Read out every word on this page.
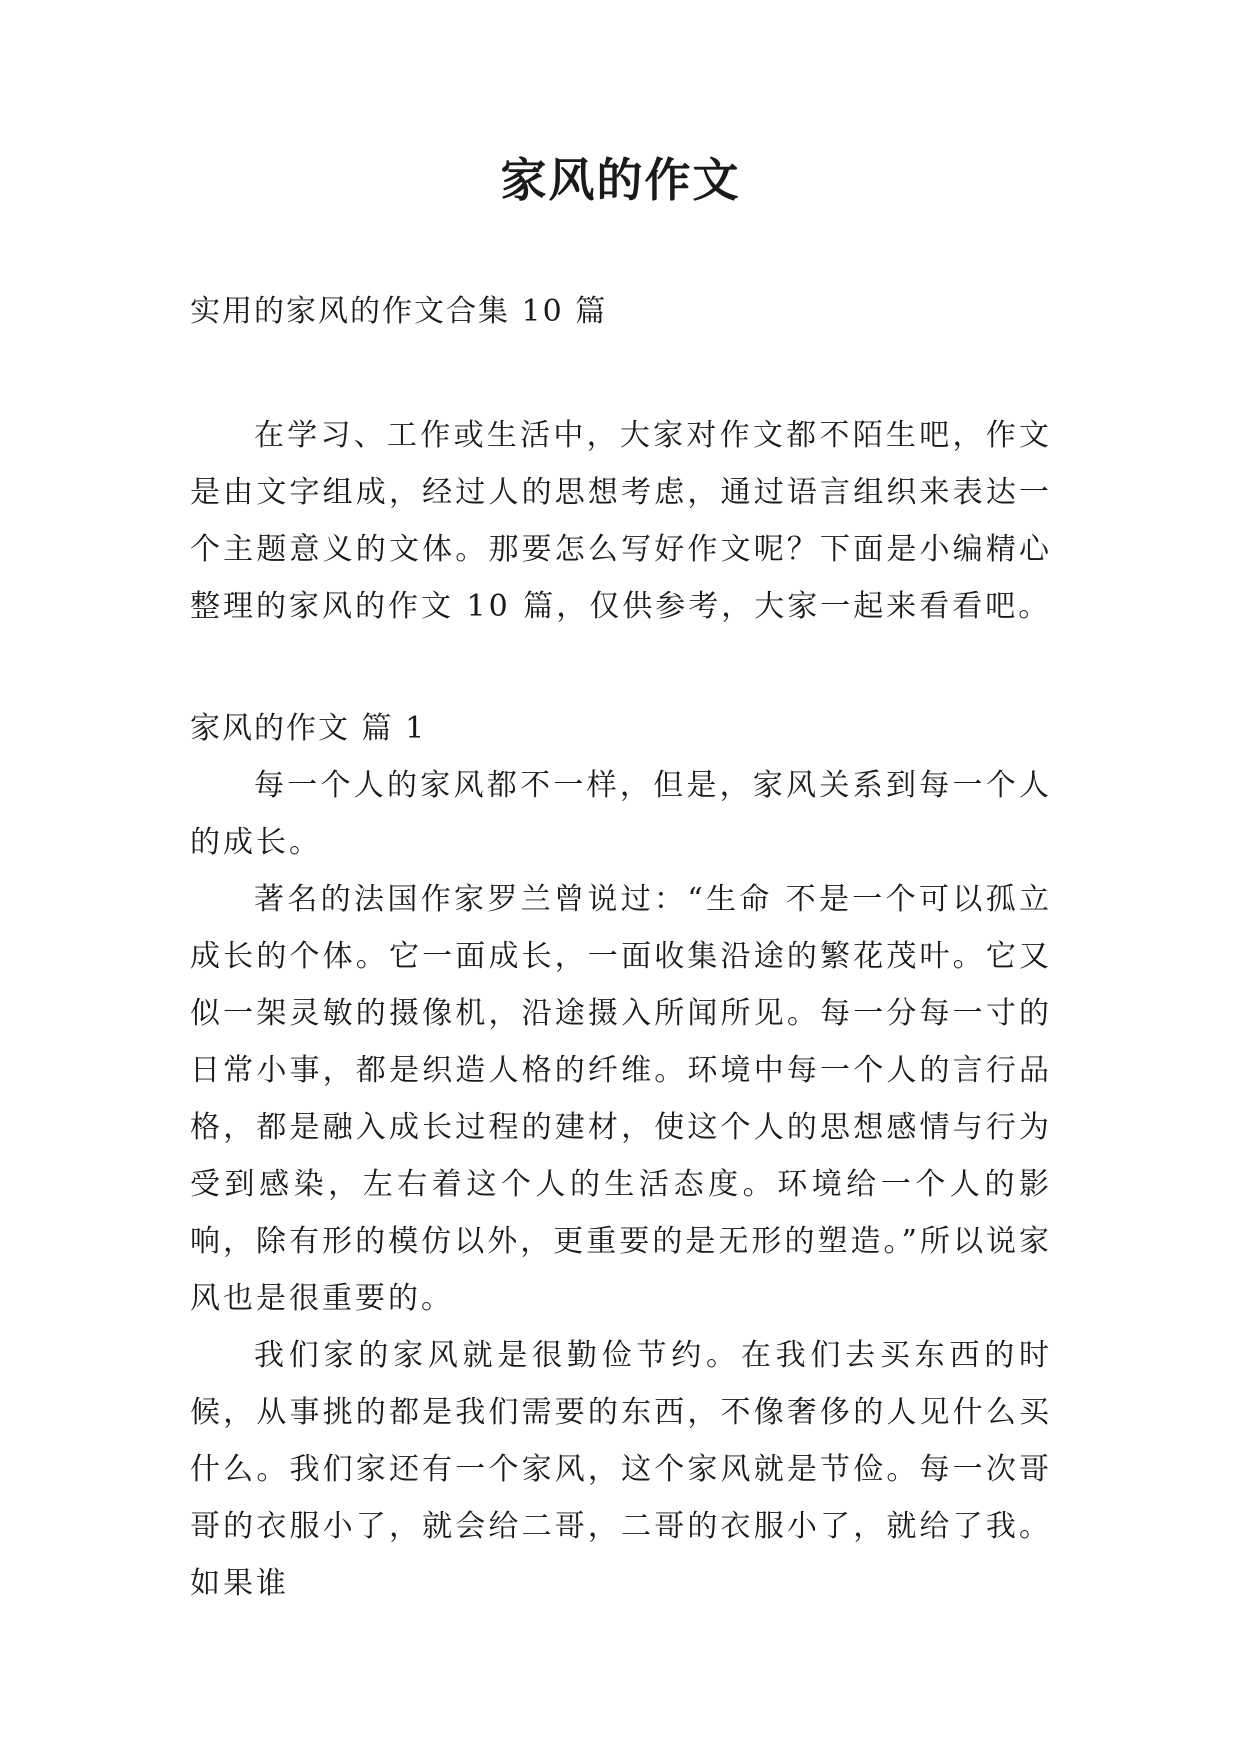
家风的作文

实用的家风的作文合集 10 篇

在学习、工作或生活中，大家对作文都不陌生吧，作文是由文字组成，经过人的思想考虑，通过语言组织来表达一个主题意义的文体。那要怎么写好作文呢？下面是小编精心整理的家风的作文 10 篇，仅供参考，大家一起来看看吧。

家风的作文 篇 1

每一个人的家风都不一样，但是，家风关系到每一个人的成长。

著名的法国作家罗兰曾说过：“生命 不是一个可以孤立成长的个体。它一面成长，一面收集沿途的繁花茂叶。它又似一架灵敏的摄像机，沿途摄入所闻所见。每一分每一寸的日常小事，都是织造人格的纤维。环境中每一个人的言行品格，都是融入成长过程的建材，使这个人的思想感情与行为受到感染，左右着这个人的生活态度。环境给一个人的影响，除有形的模仿以外，更重要的是无形的塑造。”所以说家风也是很重要的。

我们家的家风就是很勤俭节约。在我们去买东西的时候，从事挑的都是我们需要的东西，不像奢侈的人见什么买什么。我们家还有一个家风，这个家风就是节俭。每一次哥哥的衣服小了，就会给二哥，二哥的衣服小了，就给了我。如果谁
